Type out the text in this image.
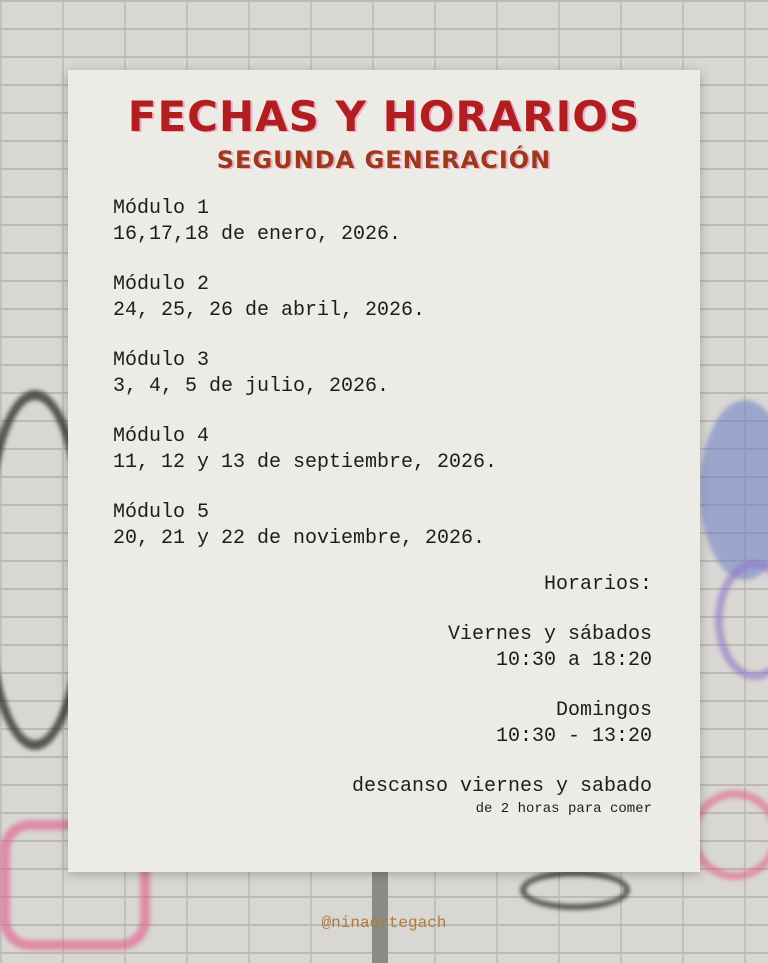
FECHAS Y HORARIOS
SEGUNDA GENERACIÓN
Módulo 1
16,17,18 de enero, 2026.
Módulo 2
24, 25, 26 de abril, 2026.
Módulo 3
3, 4, 5 de julio, 2026.
Módulo 4
11, 12 y 13 de septiembre, 2026.
Módulo 5
20, 21 y 22 de noviembre, 2026.
Horarios:
Viernes y sábados
10:30 a 18:20
Domingos
10:30 - 13:20
descanso viernes y sabado
de 2 horas para comer
@ninaortegach
